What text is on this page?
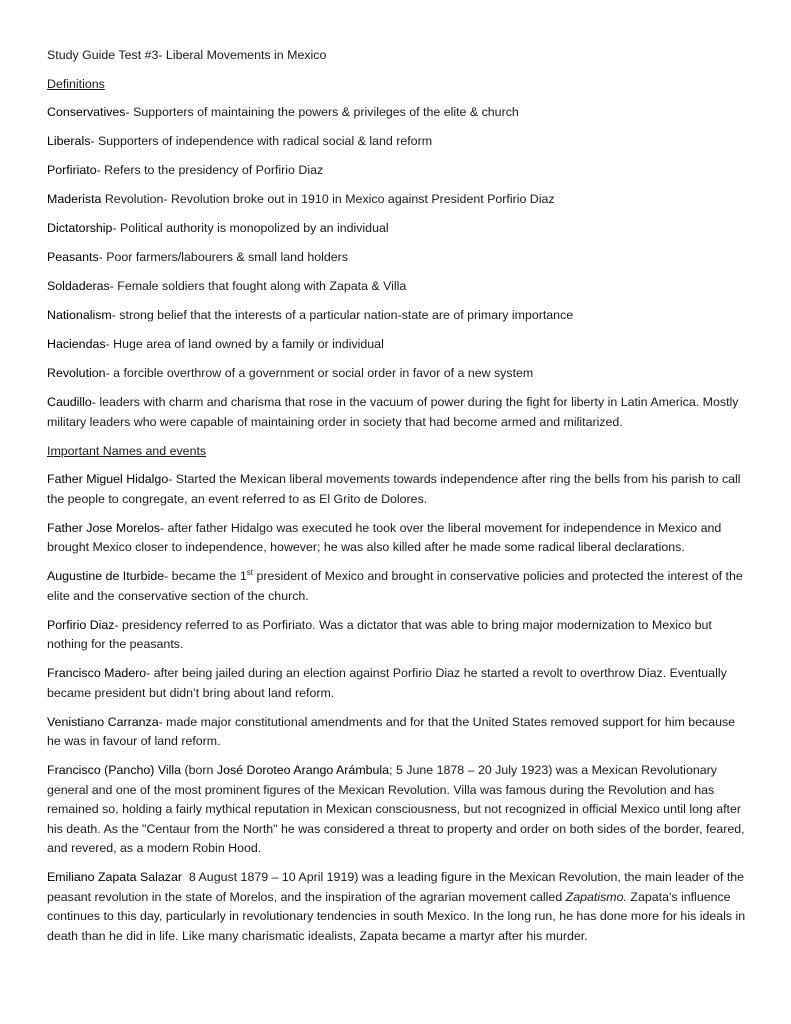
Study Guide Test #3- Liberal Movements in Mexico

Definitions

Conservatives- Supporters of maintaining the powers & privileges of the elite & church

Liberals- Supporters of independence with radical social & land reform

Porfiriato- Refers to the presidency of Porfirio Diaz

Maderista Revolution- Revolution broke out in 1910 in Mexico against President Porfirio Diaz

Dictatorship- Political authority is monopolized by an individual

Peasants- Poor farmers/labourers & small land holders

Soldaderas- Female soldiers that fought along with Zapata & Villa

Nationalism- strong belief that the interests of a particular nation-state are of primary importance

Haciendas- Huge area of land owned by a family or individual

Revolution- a forcible overthrow of a government or social order in favor of a new system

Caudillo- leaders with charm and charisma that rose in the vacuum of power during the fight for liberty in Latin America. Mostly military leaders who were capable of maintaining order in society that had become armed and militarized.

Important Names and events

Father Miguel Hidalgo- Started the Mexican liberal movements towards independence after ring the bells from his parish to call the people to congregate, an event referred to as El Grito de Dolores.

Father Jose Morelos- after father Hidalgo was executed he took over the liberal movement for independence in Mexico and brought Mexico closer to independence, however; he was also killed after he made some radical liberal declarations.

Augustine de Iturbide- became the 1st president of Mexico and brought in conservative policies and protected the interest of the elite and the conservative section of the church.

Porfirio Diaz- presidency referred to as Porfiriato. Was a dictator that was able to bring major modernization to Mexico but nothing for the peasants.

Francisco Madero- after being jailed during an election against Porfirio Diaz he started a revolt to overthrow Diaz. Eventually became president but didn’t bring about land reform.

Venistiano Carranza- made major constitutional amendments and for that the United States removed support for him because he was in favour of land reform.

Francisco (Pancho) Villa (born José Doroteo Arango Arámbula; 5 June 1878 – 20 July 1923) was a Mexican Revolutionary general and one of the most prominent figures of the Mexican Revolution. Villa was famous during the Revolution and has remained so, holding a fairly mythical reputation in Mexican consciousness, but not recognized in official Mexico until long after his death. As the "Centaur from the North" he was considered a threat to property and order on both sides of the border, feared, and revered, as a modern Robin Hood.

Emiliano Zapata Salazar  8 August 1879 – 10 April 1919) was a leading figure in the Mexican Revolution, the main leader of the peasant revolution in the state of Morelos, and the inspiration of the agrarian movement called Zapatismo. Zapata's influence continues to this day, particularly in revolutionary tendencies in south Mexico. In the long run, he has done more for his ideals in death than he did in life. Like many charismatic idealists, Zapata became a martyr after his murder.
